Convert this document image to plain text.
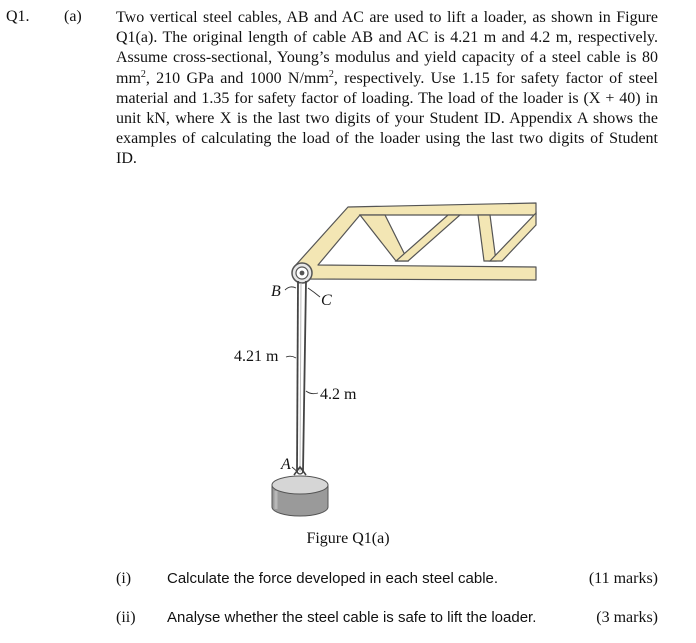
Q1. (a) Two vertical steel cables, AB and AC are used to lift a loader, as shown in Figure Q1(a). The original length of cable AB and AC is 4.21 m and 4.2 m, respectively. Assume cross-sectional, Young’s modulus and yield capacity of a steel cable is 80 $mm^2$, 210 GPa and 1000 $N/mm^2$, respectively. Use 1.15 for safety factor of steel material and 1.35 for safety factor of loading. The load of the loader is (X + 40) in unit kN, where X is the last two digits of your Student ID. Appendix A shows the examples of calculating the load of the loader using the last two digits of Student ID.

B
C
A
4.21 m
4.2 m
Figure Q1(a)
(i) Calculate the force developed in each steel cable.	(11 marks)
(ii) Analyse whether the steel cable is safe to lift the loader.	(3 marks)
